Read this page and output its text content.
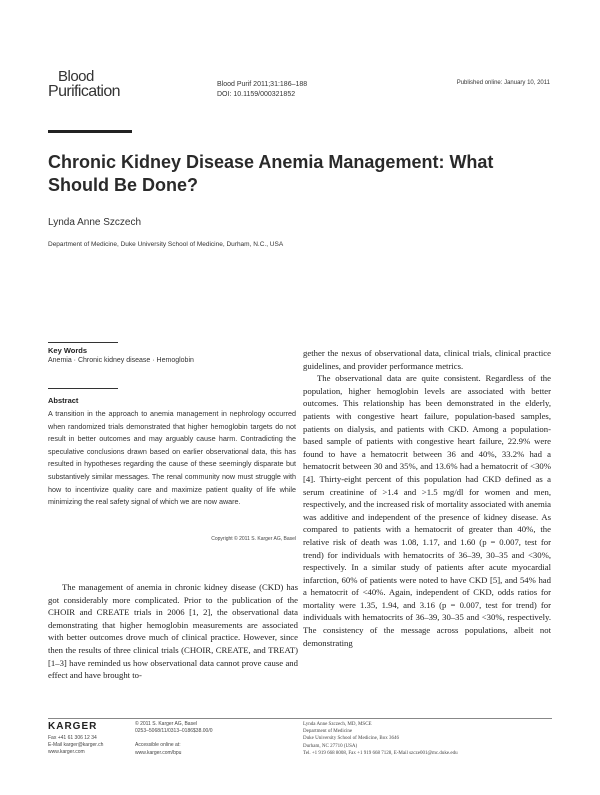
Blood
Purification	Blood Purif 2011;31:186–188
DOI: 10.1159/000321852
Published online: January 10, 2011
Chronic Kidney Disease Anemia Management: What Should Be Done?
Lynda Anne Szczech
Department of Medicine, Duke University School of Medicine, Durham, N.C., USA
Key Words
Anemia · Chronic kidney disease · Hemoglobin
Abstract
A transition in the approach to anemia management in nephrology occurred when randomized trials demonstrated that higher hemoglobin targets do not result in better outcomes and may arguably cause harm. Contradicting the speculative conclusions drawn based on earlier observational data, this has resulted in hypotheses regarding the cause of these seemingly disparate but substantively similar messages. The renal community now must struggle with how to incentivize quality care and maximize patient quality of life while minimizing the real safety signal of which we are now aware.
Copyright © 2011 S. Karger AG, Basel
The management of anemia in chronic kidney disease (CKD) has got considerably more complicated. Prior to the publication of the CHOIR and CREATE trials in 2006 [1, 2], the observational data demonstrating that higher hemoglobin measurements are associated with better outcomes drove much of clinical practice. However, since then the results of three clinical trials (CHOIR, CREATE, and TREAT) [1–3] have reminded us how observational data cannot prove cause and effect and have brought to-

gether the nexus of observational data, clinical trials, clinical practice guidelines, and provider performance metrics.

The observational data are quite consistent. Regardless of the population, higher hemoglobin levels are associated with better outcomes. This relationship has been demonstrated in the elderly, patients with congestive heart failure, population-based samples, patients on dialysis, and patients with CKD. Among a population-based sample of patients with congestive heart failure, 22.9% were found to have a hematocrit between 36 and 40%, 33.2% had a hematocrit between 30 and 35%, and 13.6% had a hematocrit of <30% [4]. Thirty-eight percent of this population had CKD defined as a serum creatinine of >1.4 and >1.5 mg/dl for women and men, respectively, and the increased risk of mortality associated with anemia was additive and independent of the presence of kidney disease. As compared to patients with a hematocrit of greater than 40%, the relative risk of death was 1.08, 1.17, and 1.60 (p = 0.007, test for trend) for individuals with hematocrits of 36–39, 30–35 and <30%, respectively. In a similar study of patients after acute myocardial infarction, 60% of patients were noted to have CKD [5], and 54% had a hematocrit of <40%. Again, independent of CKD, odds ratios for mortality were 1.35, 1.94, and 3.16 (p = 0.007, test for trend) for individuals with hematocrits of 36–39, 30–35 and <30%, respectively. The consistency of the message across populations, albeit not demonstrating

KARGER
Fax +41 61 306 12 34
E-Mail karger@karger.ch
www.karger.com
© 2011 S. Karger AG, Basel
0253–5068/11/0313–0186$38.00/0
Accessible online at:
www.karger.com/bpu
Lynda Anne Szczech, MD, MSCE
Department of Medicine
Duke University School of Medicine, Box 3646
Durham, NC 27710 (USA)
Tel. +1 919 668 8008, Fax +1 919 668 7128, E-Mail szcze001@mc.duke.edu
